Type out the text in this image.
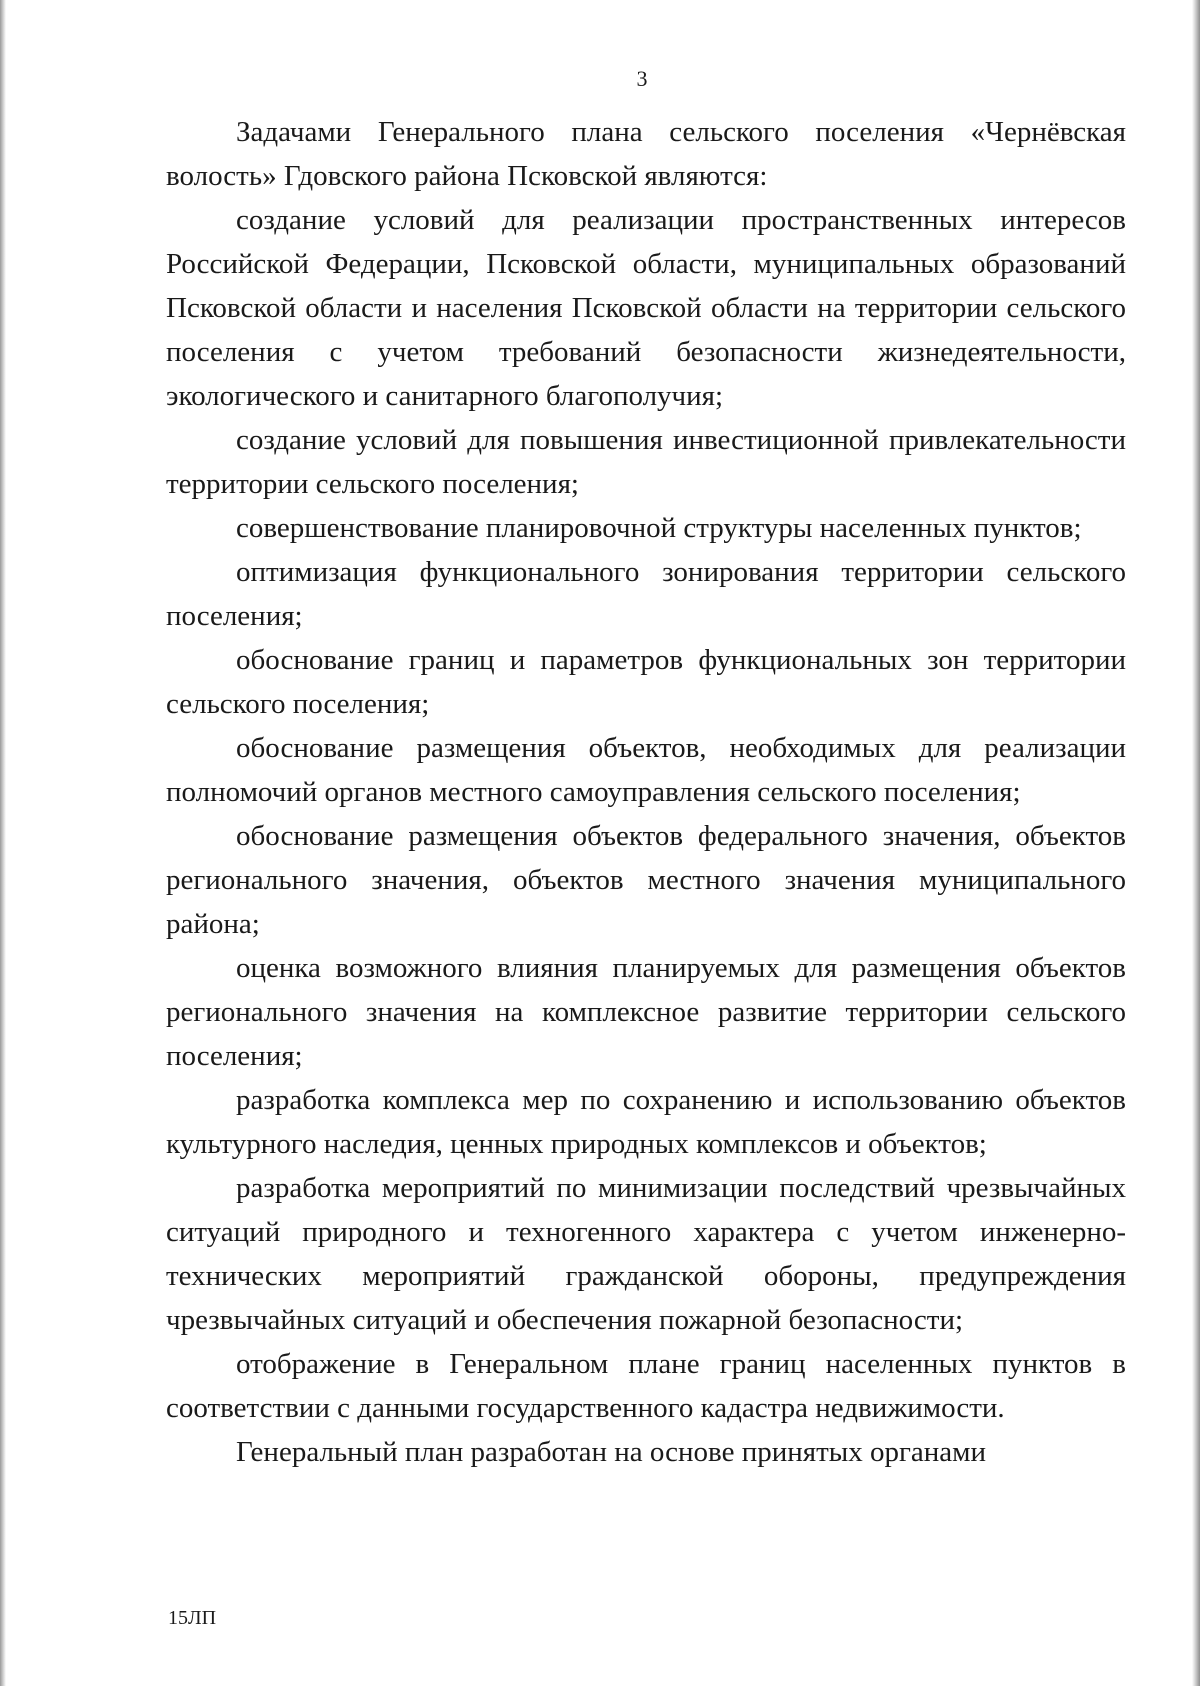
3

Задачами Генерального плана сельского поселения «Чернёвская волость» Гдовского района Псковской являются:

создание условий для реализации пространственных интересов Российской Федерации, Псковской области, муниципальных образований Псковской области и населения Псковской области на территории сельского поселения с учетом требований безопасности жизнедеятельности, экологического и санитарного благополучия;

создание условий для повышения инвестиционной привлекательности территории сельского поселения;

совершенствование планировочной структуры населенных пунктов;

оптимизация функционального зонирования территории сельского поселения;

обоснование границ и параметров функциональных зон территории сельского поселения;

обоснование размещения объектов, необходимых для реализации полномочий органов местного самоуправления сельского поселения;

обоснование размещения объектов федерального значения, объектов регионального значения, объектов местного значения муниципального района;

оценка возможного влияния планируемых для размещения объектов регионального значения на комплексное развитие территории сельского поселения;

разработка комплекса мер по сохранению и использованию объектов культурного наследия, ценных природных комплексов и объектов;

разработка мероприятий по минимизации последствий чрезвычайных ситуаций природного и техногенного характера с учетом инженерно-технических мероприятий гражданской обороны, предупреждения чрезвычайных ситуаций и обеспечения пожарной безопасности;

отображение в Генеральном плане границ населенных пунктов в соответствии с данными государственного кадастра недвижимости.

Генеральный план разработан на основе принятых органами

15ЛП
